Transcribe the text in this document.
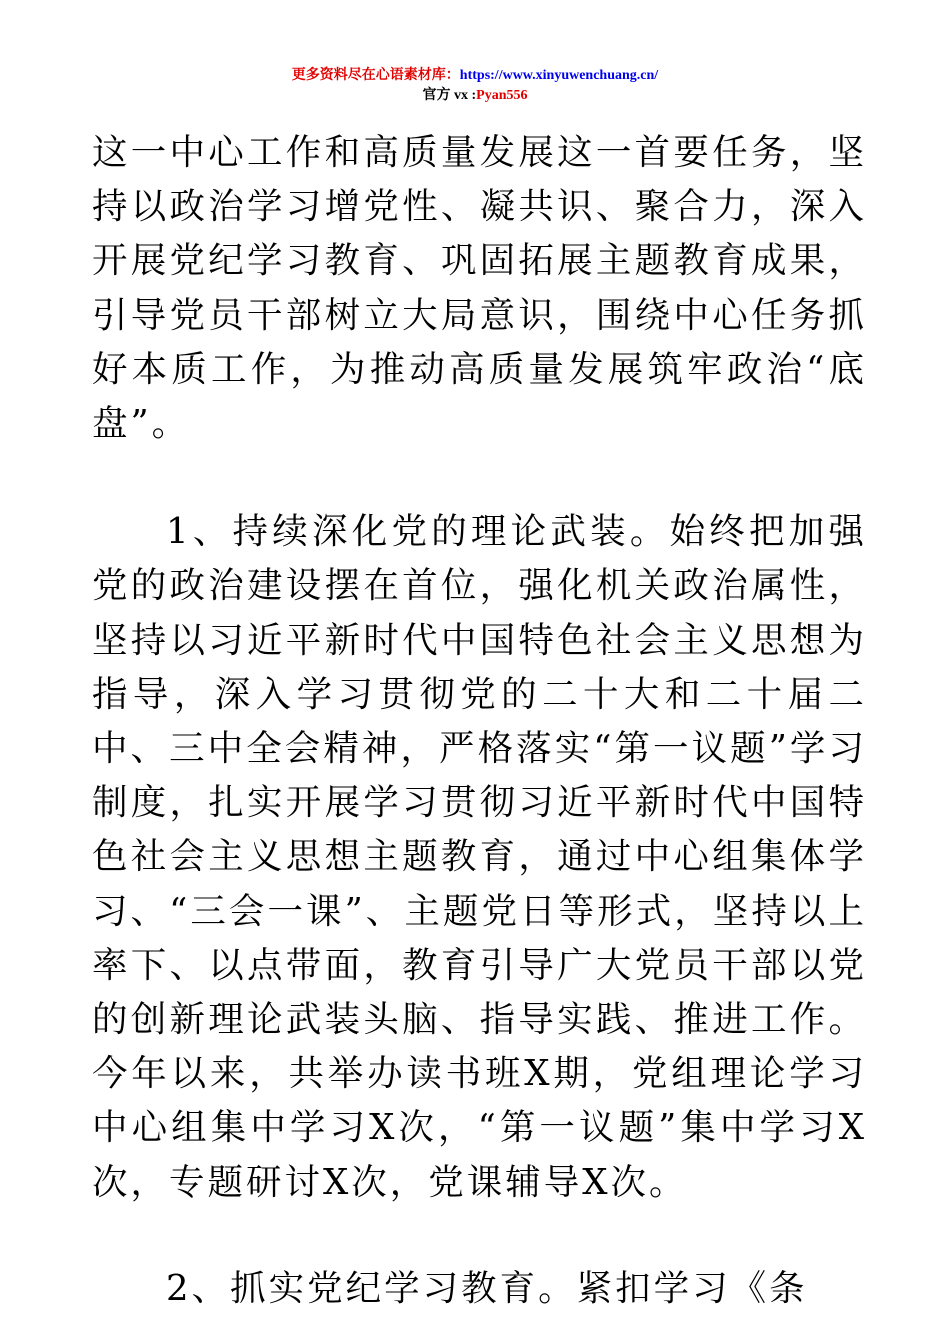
更多资料尽在心语素材库：https://www.xinyuwenchuang.cn/
官方 vx :Pyan556

这一中心工作和高质量发展这一首要任务，坚持以政治学习增党性、凝共识、聚合力，深入开展党纪学习教育、巩固拓展主题教育成果，引导党员干部树立大局意识，围绕中心任务抓好本质工作，为推动高质量发展筑牢政治“底盘”。

1、持续深化党的理论武装。始终把加强党的政治建设摆在首位，强化机关政治属性，坚持以习近平新时代中国特色社会主义思想为指导，深入学习贯彻党的二十大和二十届二中、三中全会精神，严格落实“第一议题”学习制度，扎实开展学习贯彻习近平新时代中国特色社会主义思想主题教育，通过中心组集体学习、“三会一课”、主题党日等形式，坚持以上率下、以点带面，教育引导广大党员干部以党的创新理论武装头脑、指导实践、推进工作。今年以来，共举办读书班X期，党组理论学习中心组集中学习X次，“第一议题”集中学习X次，专题研讨X次，党课辅导X次。

2、抓实党纪学习教育。紧扣学习《条
